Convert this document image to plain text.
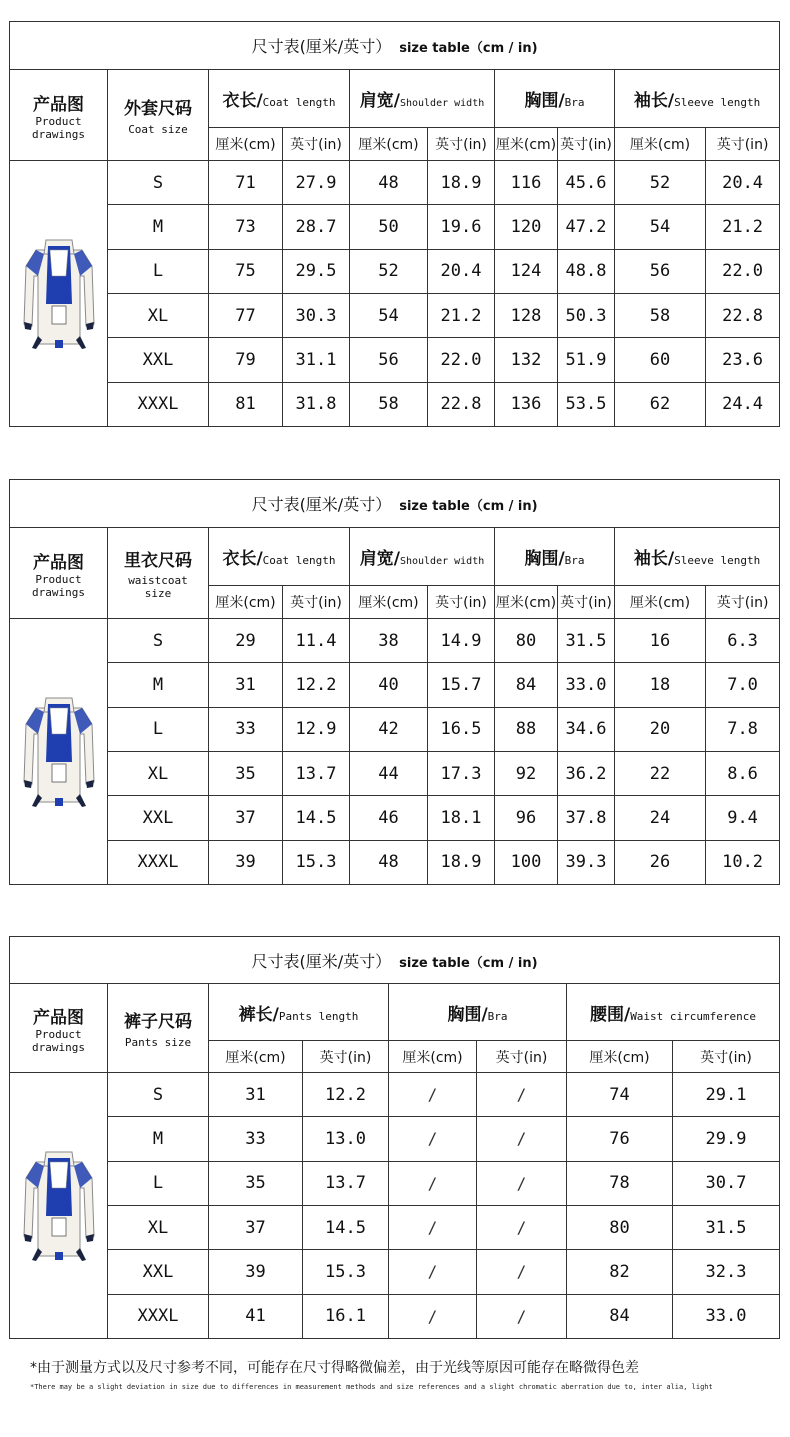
尺寸表(厘米/英寸） size table（cm / in)									

产品图
Product
drawings	外套尺码
Coat size	衣长/Coat length		肩宽/Shoulder width		胸围/Bra		袖长/Sleeve length	
		厘米(cm)	英寸(in)	厘米(cm)	英寸(in)	厘米(cm)	英寸(in)	厘米(cm)	英寸(in)

	S	71	27.9	48	18.9	116	45.6	52	20.4
	M	73	28.7	50	19.6	120	47.2	54	21.2
	L	75	29.5	52	20.4	124	48.8	56	22.0
	XL	77	30.3	54	21.2	128	50.3	58	22.8
	XXL	79	31.1	56	22.0	132	51.9	60	23.6
	XXXL	81	31.8	58	22.8	136	53.5	62	24.4
尺寸表(厘米/英寸） size table（cm / in)									

产品图
Product
drawings	里衣尺码
waistcoat
size	衣长/Coat length		肩宽/Shoulder width		胸围/Bra		袖长/Sleeve length	
		厘米(cm)	英寸(in)	厘米(cm)	英寸(in)	厘米(cm)	英寸(in)	厘米(cm)	英寸(in)

	S	29	11.4	38	14.9	80	31.5	16	6.3
	M	31	12.2	40	15.7	84	33.0	18	7.0
	L	33	12.9	42	16.5	88	34.6	20	7.8
	XL	35	13.7	44	17.3	92	36.2	22	8.6
	XXL	37	14.5	46	18.1	96	37.8	24	9.4
	XXXL	39	15.3	48	18.9	100	39.3	26	10.2
尺寸表(厘米/英寸） size table（cm / in)							

产品图
Product
drawings	裤子尺码
Pants size	裤长/Pants length		胸围/Bra		腰围/Waist circumference	
		厘米(cm)	英寸(in)	厘米(cm)	英寸(in)	厘米(cm)	英寸(in)

	S	31	12.2	/	/	74	29.1
	M	33	13.0	/	/	76	29.9
	L	35	13.7	/	/	78	30.7
	XL	37	14.5	/	/	80	31.5
	XXL	39	15.3	/	/	82	32.3
	XXXL	41	16.1	/	/	84	33.0
*由于测量方式以及尺寸参考不同，可能存在尺寸得略微偏差，由于光线等原因可能存在略微得色差
*There may be a slight deviation in size due to differences in measurement methods and size references and a slight chromatic aberration due to, inter alia, light
